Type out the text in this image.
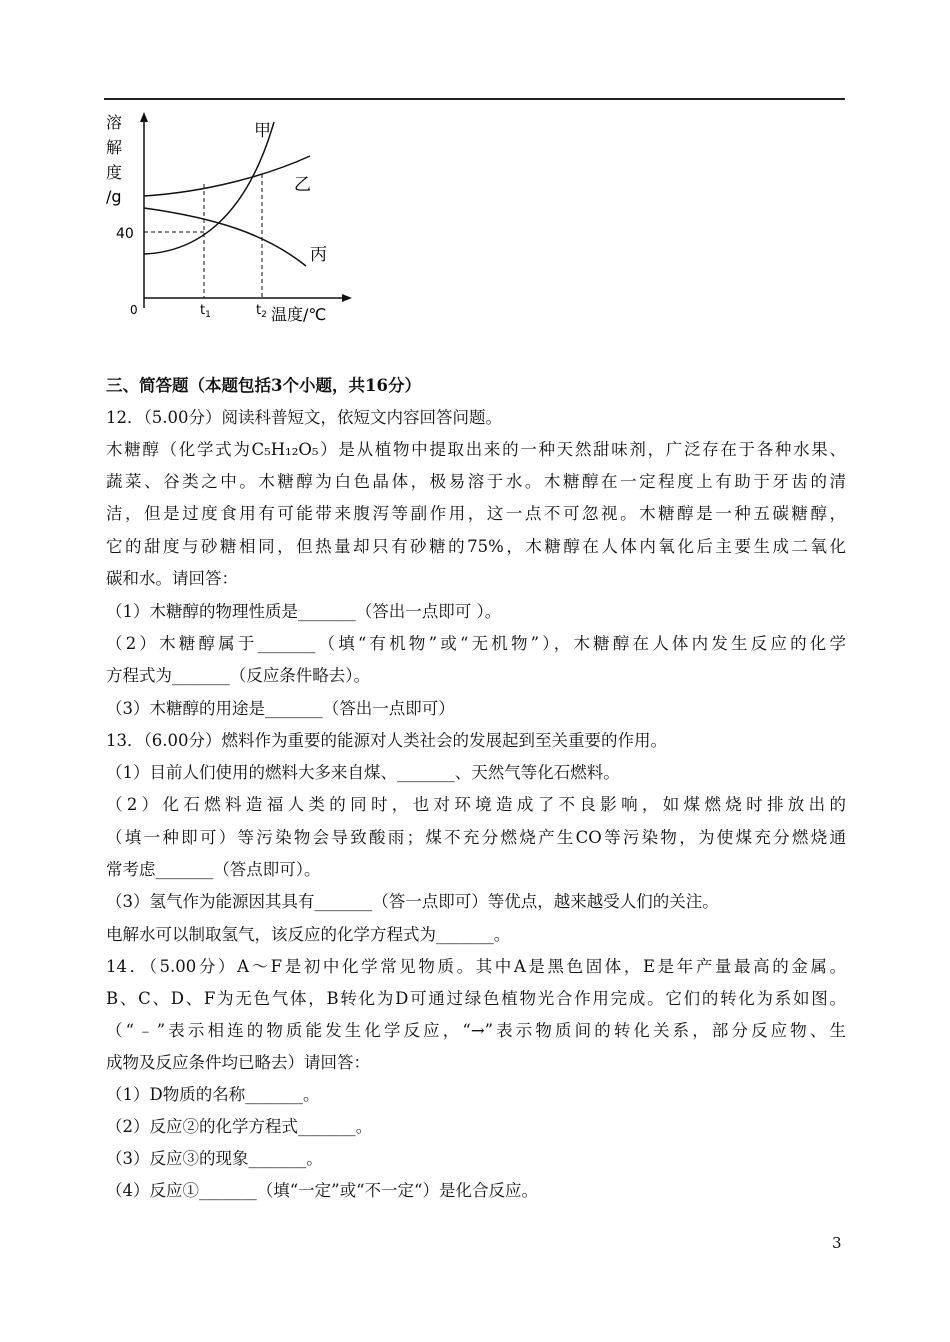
溶
解
度
/g
40
0	$t_1$	$t_2$ 温度/℃
甲
乙
丙
三、简答题（本题包括3个小题，共16分）
12．（5.00分）阅读科普短文，依短文内容回答问题。
木糖醇（化学式为C₅H₁₂O₅）是从植物中提取出来的一种天然甜味剂，广泛存在于各种水果、
蔬菜、谷类之中。木糖醇为白色晶体，极易溶于水。木糖醇在一定程度上有助于牙齿的清
洁，但是过度食用有可能带来腹泻等副作用，这一点不可忽视。木糖醇是一种五碳糖醇，
它的甜度与砂糖相同，但热量却只有砂糖的75%，木糖醇在人体内氧化后主要生成二氧化
碳和水。请回答：
（1）木糖醇的物理性质是_______（答出一点即可 ）。
（2）木糖醇属于_______（填“有机物”或“无机物”），木糖醇在人体内发生反应的化学
方程式为_______（反应条件略去）。
（3）木糖醇的用途是_______（答出一点即可）
13．（6.00分）燃料作为重要的能源对人类社会的发展起到至关重要的作用。
（1）目前人们使用的燃料大多来自煤、_______、天然气等化石燃料。
（2）化石燃料造福人类的同时，也对环境造成了不良影响，如煤燃烧时排放出的
（填一种即可）等污染物会导致酸雨；煤不充分燃烧产生CO等污染物，为使煤充分燃烧通
常考虑_______（答点即可）。
（3）氢气作为能源因其具有_______（答一点即可）等优点，越来越受人们的关注。
电解水可以制取氢气，该反应的化学方程式为_______。
14．（5.00分）A～F是初中化学常见物质。其中A是黑色固体，E是年产量最高的金属。
B、C、D、F为无色气体，B转化为D可通过绿色植物光合作用完成。它们的转化为系如图。
（“﹣”表示相连的物质能发生化学反应，“→”表示物质间的转化关系，部分反应物、生
成物及反应条件均已略去）请回答：
（1）D物质的名称_______。
（2）反应②的化学方程式_______。
（3）反应③的现象_______。
（4）反应①_______（填“一定”或“不一定“）是化合反应。
3
